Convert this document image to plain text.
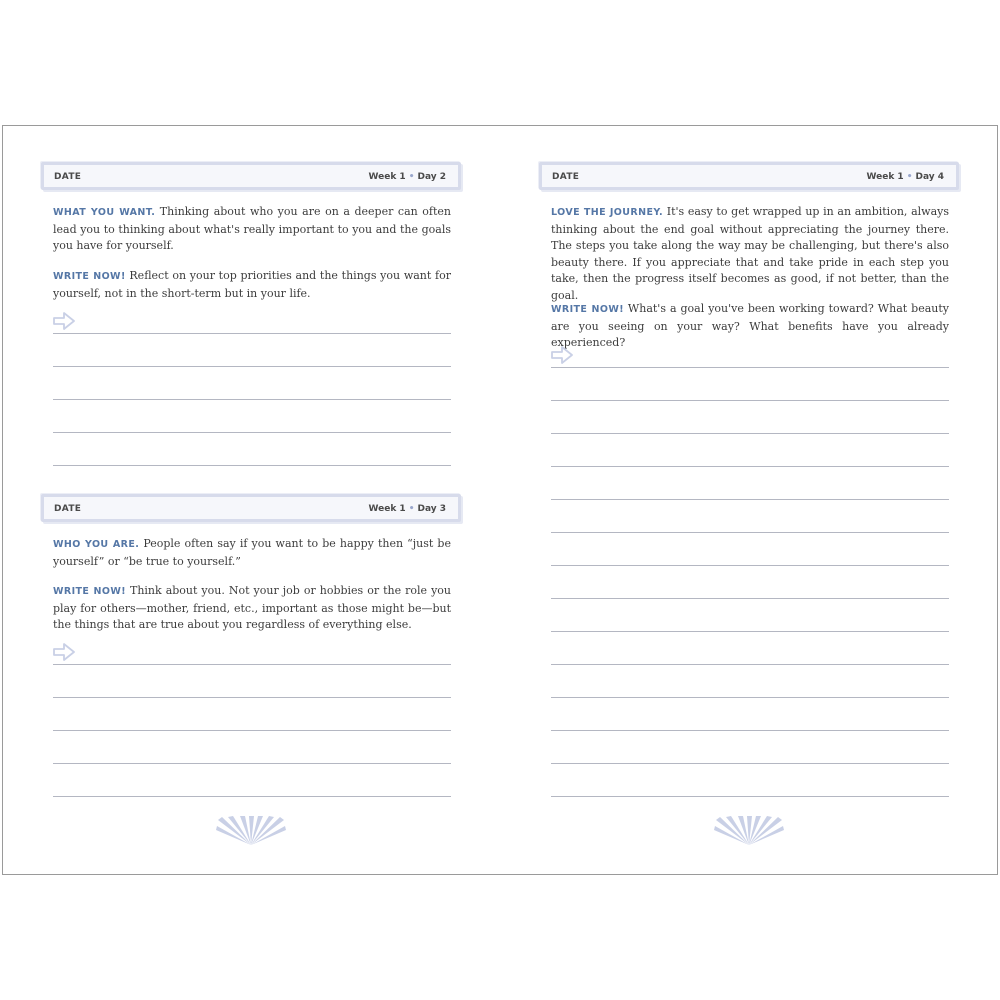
DATE	Week 1 • Day 2
WHAT YOU WANT. Thinking about who you are on a deeper can often lead you to thinking about what's really important to you and the goals you have for yourself.
WRITE NOW! Reflect on your top priorities and the things you want for yourself, not in the short-term but in your life.
DATE	Week 1 • Day 3
WHO YOU ARE. People often say if you want to be happy then “just be yourself” or “be true to yourself.”
WRITE NOW! Think about you. Not your job or hobbies or the role you play for others—mother, friend, etc., important as those might be—but the things that are true about you regardless of everything else.
DATE	Week 1 • Day 4
LOVE THE JOURNEY. It's easy to get wrapped up in an ambition, always thinking about the end goal without appreciating the journey there. The steps you take along the way may be challenging, but there's also beauty there. If you appreciate that and take pride in each step you take, then the progress itself becomes as good, if not better, than the goal.
WRITE NOW! What's a goal you've been working toward? What beauty are you seeing on your way? What benefits have you already experienced?
